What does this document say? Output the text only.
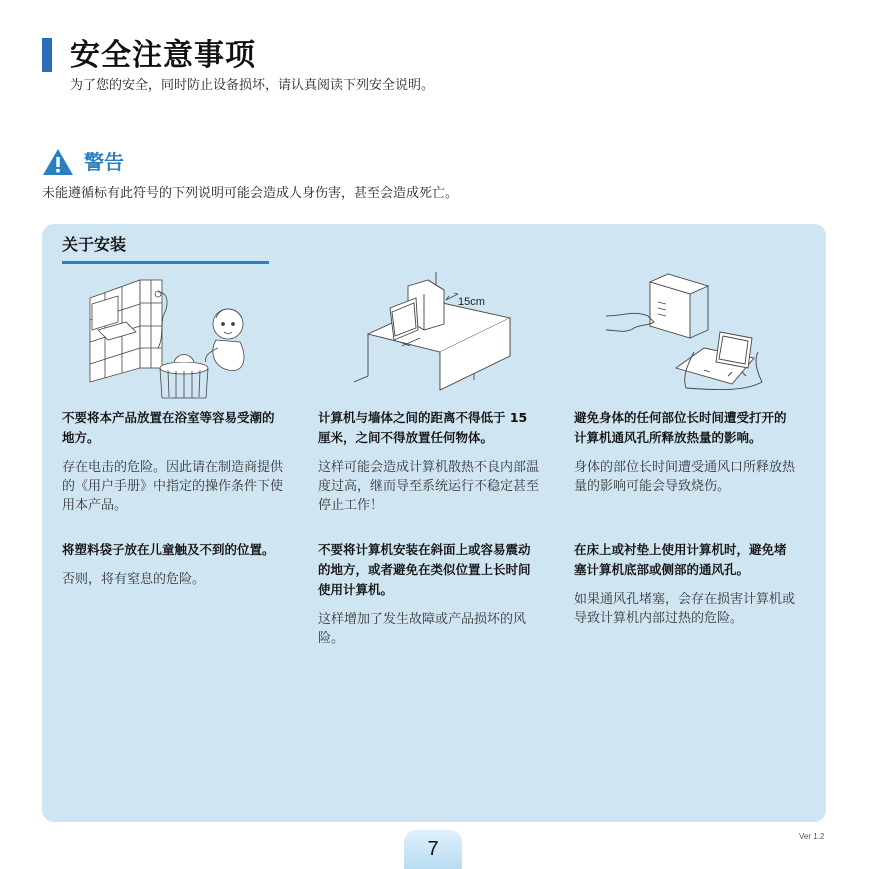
安全注意事项
为了您的安全，同时防止设备损坏，请认真阅读下列安全说明。
警告
未能遵循标有此符号的下列说明可能会造成人身伤害，甚至会造成死亡。
关于安装
15cm

不要将本产品放置在浴室等容易受潮的地方。

存在电击的危险。因此请在制造商提供的《用户手册》中指定的操作条件下使用本产品。

计算机与墙体之间的距离不得低于 15 厘米，之间不得放置任何物体。

这样可能会造成计算机散热不良内部温度过高，继而导至系统运行不稳定甚至停止工作！

避免身体的任何部位长时间遭受打开的计算机通风孔所释放热量的影响。

身体的部位长时间遭受通风口所释放热量的影响可能会导致烧伤。

将塑料袋子放在儿童触及不到的位置。

否则，将有窒息的危险。

不要将计算机安装在斜面上或容易震动的地方，或者避免在类似位置上长时间使用计算机。

这样增加了发生故障或产品损坏的风险。

在床上或衬垫上使用计算机时，避免堵塞计算机底部或侧部的通风孔。

如果通风孔堵塞，会存在损害计算机或导致计算机内部过热的危险。

7
Ver 1.2
